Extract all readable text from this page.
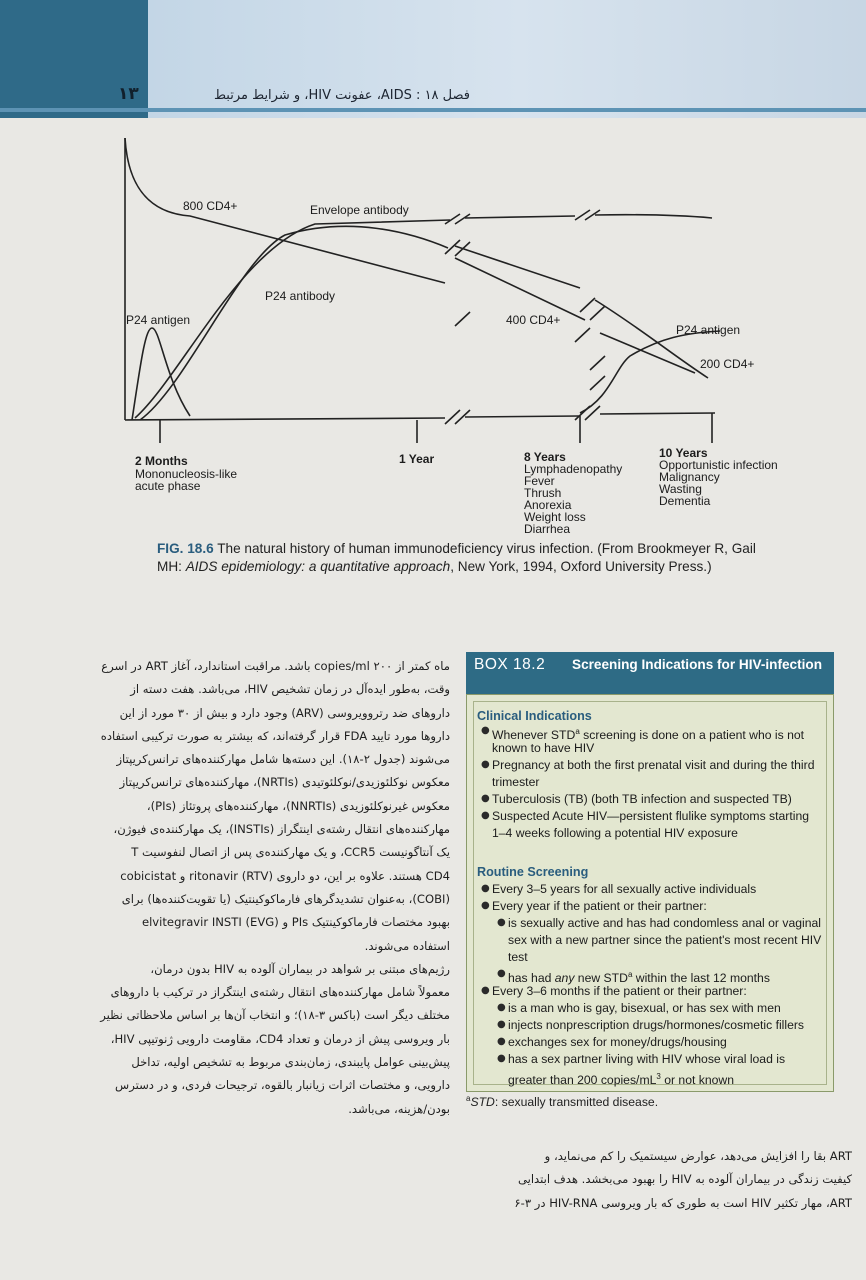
۱۳	فصل ۱۸ : AIDS، عفونت HIV، و شرایط مرتبط
800 CD4+	Envelope antibody
P24 antibody
P24 antigen	400 CD4+
P24 antigen
200 CD4+
2 Months
Mononucleosis-like
acute phase
1 Year	8 Years
Lymphadenopathy
Fever
Thrush
Anorexia
Weight loss
Diarrhea
10 Years
Opportunistic infection
Malignancy
Wasting
Dementia
FIG. 18.6 The natural history of human immunodeficiency virus infection. (From Brookmeyer R, Gail MH: AIDS epidemiology: a quantitative approach, New York, 1994, Oxford University Press.)
ماه کمتر از ۲۰۰ copies/ml باشد. مراقبت استاندارد، آغاز ART در اسرع
وقت، به‌طور ایده‌آل در زمان تشخیص HIV، می‌باشد. هفت دسته از
داروهای ضد رتروویروسی (ARV) وجود دارد و بیش از ۳۰ مورد از این
داروها مورد تایید FDA قرار گرفته‌اند، که بیشتر به صورت ترکیبی استفاده
می‌شوند (جدول ۲-۱۸). این دسته‌ها شامل مهارکننده‌های ترانس‌کریپتاز
معکوس نوکلئوزیدی/نوکلئوتیدی (NRTIs)، مهارکننده‌های ترانس‌کریپتاز
معکوس غیرنوکلئوزیدی (NNRTIs)، مهارکننده‌های پروتئاز (PIs)،
مهارکننده‌های انتقال رشته‌ی اینتگراز (INSTIs)، یک مهارکننده‌ی فیوژن،
یک آنتاگونیست CCR5، و یک مهارکننده‌ی پس از اتصال لنفوسیت T
CD4 هستند. علاوه بر این، دو داروی ritonavir (RTV) و cobicistat
(COBI)، به‌عنوان تشدیدگرهای فارماکوکینتیک (یا تقویت‌کننده‌ها) برای
بهبود مختصات فارماکوکینتیک PIs و elvitegravir INSTI (EVG)
استفاده می‌شوند.
رژیم‌های مبتنی بر شواهد در بیماران آلوده به HIV بدون درمان،
معمولاً شامل مهارکننده‌های انتقال رشته‌ی اینتگراز در ترکیب با داروهای
مختلف دیگر است (باکس ۳-۱۸)؛ و انتخاب آن‌ها بر اساس ملاحظاتی نظیر
بار ویروسی پیش از درمان و تعداد CD4، مقاومت دارویی ژنوتیپی HIV،
پیش‌بینی عوامل پایبندی، زمان‌بندی مربوط به تشخیص اولیه، تداخل
دارویی، و مختصات اثرات زیانبار بالقوه، ترجیحات فردی، و در دسترس
بودن/هزینه، می‌باشد.
BOX 18.2 Screening Indications for HIV-infection
Clinical Indications
● Whenever STD$^a$ screening is done on a patient who is not
known to have HIV
● Pregnancy at both the first prenatal visit and during the third
trimester
● Tuberculosis (TB) (both TB infection and suspected TB)
● Suspected Acute HIV—persistent flulike symptoms starting
1–4 weeks following a potential HIV exposure
Routine Screening
● Every 3–5 years for all sexually active individuals
● Every year if the patient or their partner:
● is sexually active and has had condomless anal or vaginal
sex with a new partner since the patient's most recent HIV
test
● has had any new STD$^a$ within the last 12 months
● Every 3–6 months if the patient or their partner:
● is a man who is gay, bisexual, or has sex with men
● injects nonprescription drugs/hormones/cosmetic fillers
● exchanges sex for money/drugs/housing
● has a sex partner living with HIV whose viral load is
greater than 200 copies/$mL^3$ or not known
$^a$STD: sexually transmitted disease.
ART بقا را افزایش می‌دهد، عوارض سیستمیک را کم می‌نماید، و
کیفیت زندگی در بیماران آلوده به HIV را بهبود می‌بخشد. هدف ابتدایی
ART، مهار تکثیر HIV است به طوری که بار ویروسی HIV-RNA در ۳-۶
